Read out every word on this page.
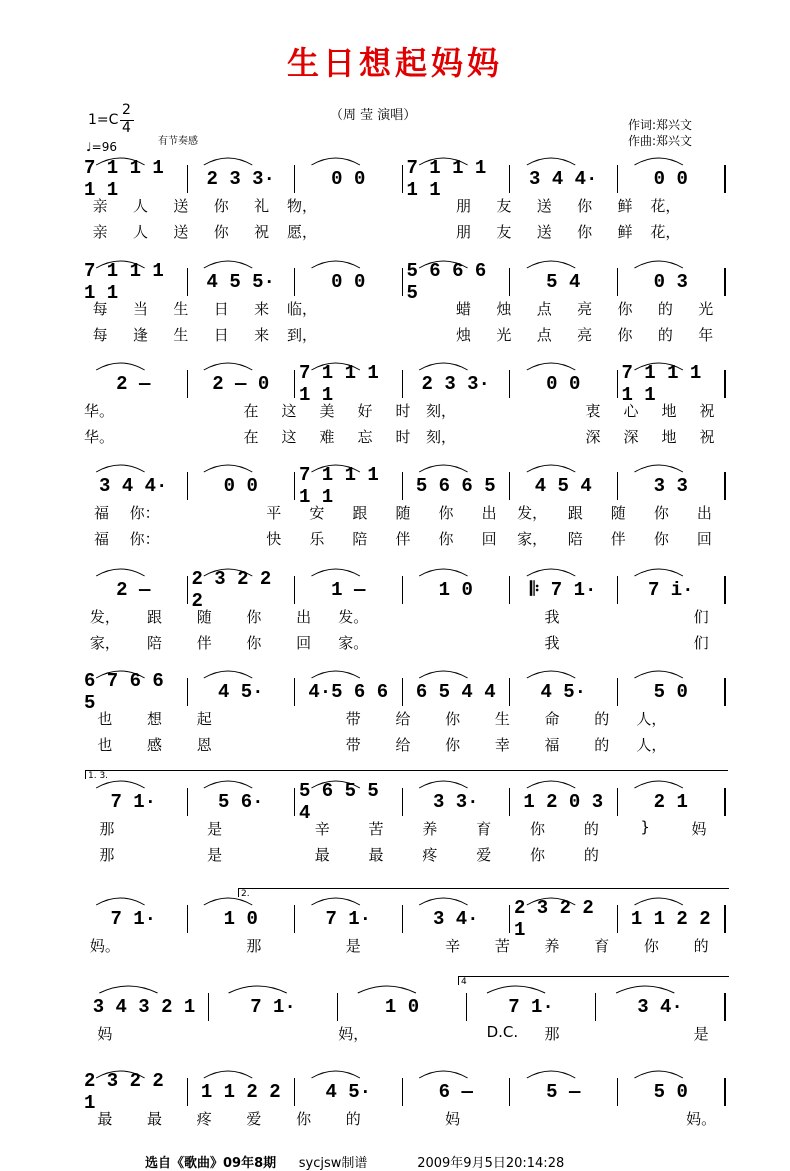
生日想起妈妈
1=C
2
4
♩=96	有节奏感
（周 莹 演唱）
作词:郑兴文
作曲:郑兴文
7 1 1 1 1 1	2 3 3·	0 0	7 1 1 1 1 1	3 4 4·	0 0
亲	人	送	你	礼	物，	朋	友	送	你	鲜	花，
亲	人	送	你	祝	愿，	朋	友	送	你	鲜	花，
7 1 1 1 1 1	4 5 5·	0 0	5 6 6 6 5	5 4	0 3
每	当	生	日	来	临，	蜡	烛	点	亮	你	的	光
每	逢	生	日	来	到，	烛	光	点	亮	你	的	年
2 —	2 — 0	7 1 1 1 1 1	2 3 3·	0 0	7 1 1 1 1 1
华。	在	这	美	好	时	刻，	衷	心	地	祝
华。	在	这	难	忘	时	刻，	深	深	地	祝
3 4 4·	0 0	7 1 1 1 1 1	5 6 6 5	4 5 4	3 3
福	你：	平	安	跟	随	你	出	发，	跟	随	你	出
福	你：	快	乐	陪	伴	你	回	家，	陪	伴	你	回
2 —	2 3 2 2 2	1 —	1 0	𝄆 7 1·	7 i·
发，	跟	随	你	出	发。	我	们
家，	陪	伴	你	回	家。	我	们
6 7 6 6 5	4 5·	4·5 6 6	6 5 4 4	4 5·	5 0
也	想	起	带	给	你	生	命	的	人，
也	感	恩	带	给	你	幸	福	的	人，
7 1·	5 6·	5 6 5 5 4	3 3·	1 2 0 3	2 1
那	是	辛	苦	养	育	你	的	}	妈
那	是	最	最	疼	爱	你	的
7 1·	1 0	7 1·	3 4·	2 3 2 2 1	1 1 2 2
妈。	那	是	辛	苦	养	育	你	的
3 4 3 2 1	7 1·	1 0	7 1·	3 4·
妈	妈，	D.C.	那	是
2 3 2 2 1	1 1 2 2	4 5·	6 —	5 —	5 0
最	最	疼	爱	你	的	妈	妈。
选自《歌曲》09年8期 sycjsw制谱	2009年9月5日20:14:28
1. 3.
2.
4
